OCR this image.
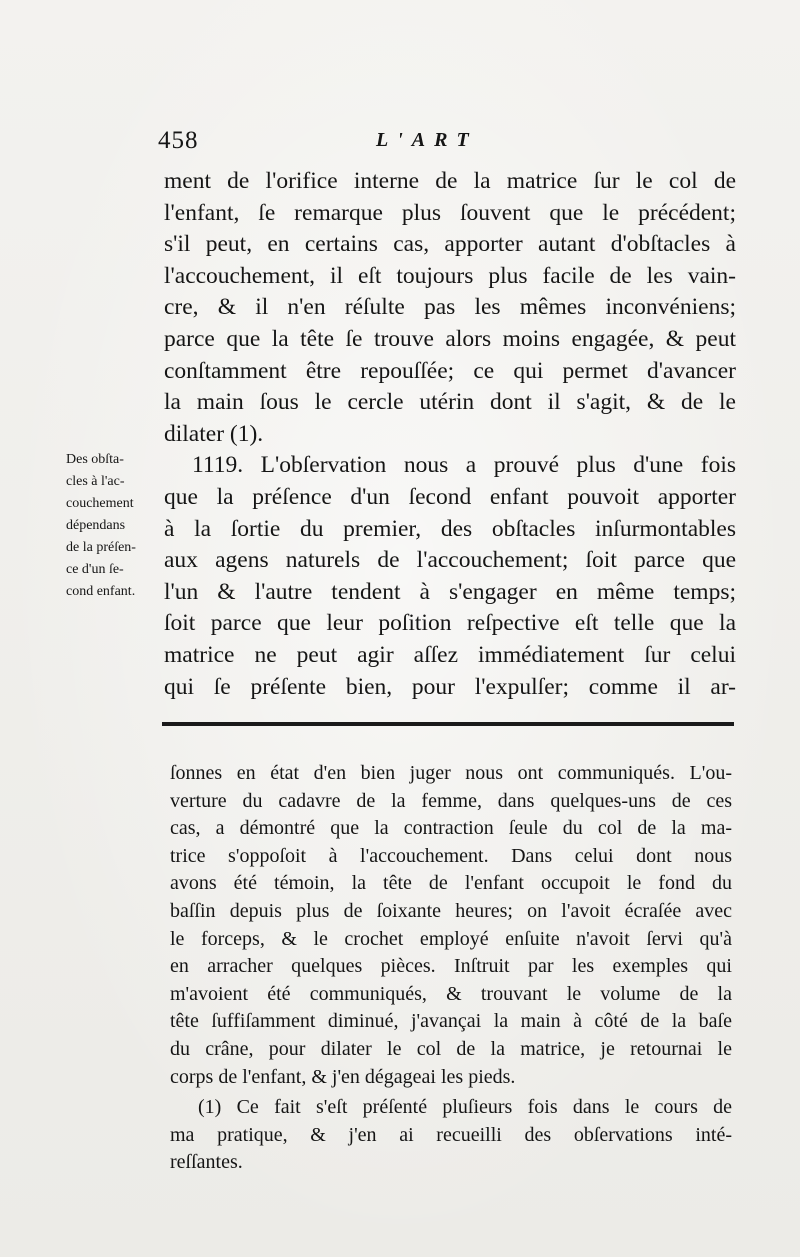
458	L'ART
ment de l'orifice interne de la matrice ſur le col de
l'enfant, ſe remarque plus ſouvent que le précédent;
s'il peut, en certains cas, apporter autant d'obſtacles à
l'accouchement, il eſt toujours plus facile de les vain-
cre, & il n'en réſulte pas les mêmes inconvéniens;
parce que la tête ſe trouve alors moins engagée, & peut
conſtamment être repouſſée; ce qui permet d'avancer
la main ſous le cercle utérin dont il s'agit, & de le
dilater (1).
1119. L'obſervation nous a prouvé plus d'une fois
que la préſence d'un ſecond enfant pouvoit apporter
à la ſortie du premier, des obſtacles inſurmontables
aux agens naturels de l'accouchement; ſoit parce que
l'un & l'autre tendent à s'engager en même temps;
ſoit parce que leur poſition reſpective eſt telle que la
matrice ne peut agir aſſez immédiatement ſur celui
qui ſe préſente bien, pour l'expulſer; comme il ar-
Des obſta-
cles à l'ac-
couchement
dépendans
de la préſen-
ce d'un ſe-
cond enfant.
ſonnes en état d'en bien juger nous ont communiqués. L'ou-
verture du cadavre de la femme, dans quelques-uns de ces
cas, a démontré que la contraction ſeule du col de la ma-
trice s'oppoſoit à l'accouchement. Dans celui dont nous
avons été témoin, la tête de l'enfant occupoit le fond du
baſſin depuis plus de ſoixante heures; on l'avoit écraſée avec
le forceps, & le crochet employé enſuite n'avoit ſervi qu'à
en arracher quelques pièces. Inſtruit par les exemples qui
m'avoient été communiqués, & trouvant le volume de la
tête ſuffiſamment diminué, j'avançai la main à côté de la baſe
du crâne, pour dilater le col de la matrice, je retournai le
corps de l'enfant, & j'en dégageai les pieds.
(1) Ce fait s'eſt préſenté pluſieurs fois dans le cours de
ma pratique, & j'en ai recueilli des obſervations inté-
reſſantes.
